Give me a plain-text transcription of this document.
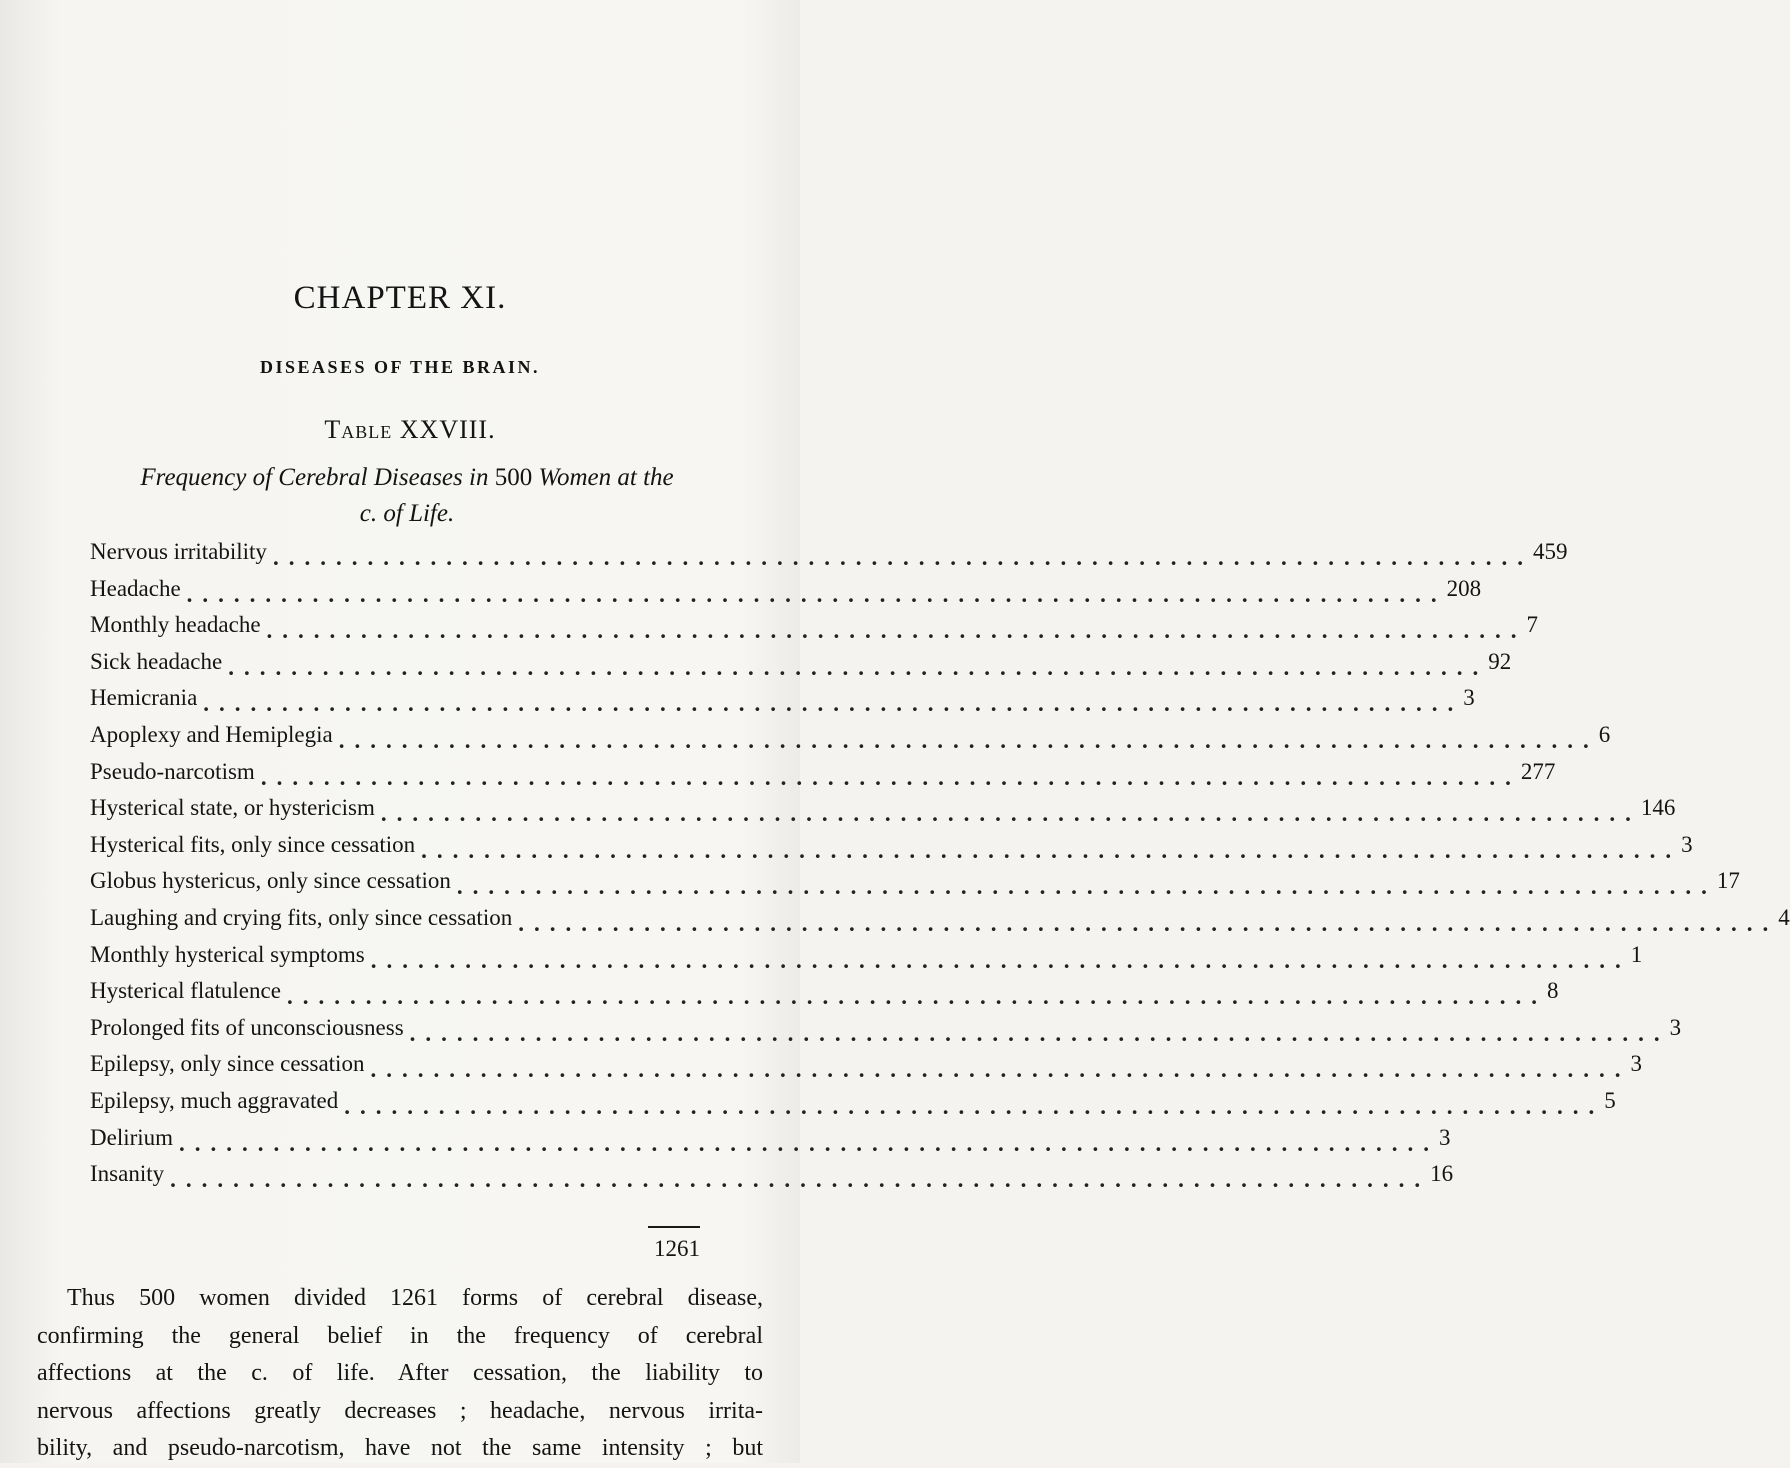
CHAPTER XI.
DISEASES OF THE BRAIN.
Table XXVIII.
Frequency of Cerebral Diseases in 500 Women at the
c. of Life.
Nervous irritability ................................................................................ 459
Headache ................................................................................ 208
Monthly headache ................................................................................ 7
Sick headache ................................................................................ 92
Hemicrania ................................................................................ 3
Apoplexy and Hemiplegia ................................................................................ 6
Pseudo-narcotism ................................................................................ 277
Hysterical state, or hystericism ................................................................................ 146
Hysterical fits, only since cessation ................................................................................ 3
Globus hystericus, only since cessation ................................................................................ 17
Laughing and crying fits, only since cessation ................................................................................ 4
Monthly hysterical symptoms ................................................................................ 1
Hysterical flatulence ................................................................................ 8
Prolonged fits of unconsciousness ................................................................................ 3
Epilepsy, only since cessation ................................................................................ 3
Epilepsy, much aggravated ................................................................................ 5
Delirium ................................................................................ 3
Insanity ................................................................................ 16
1261
Thus 500 women divided 1261 forms of cerebral disease,
confirming the general belief in the frequency of cerebral
affections at the c. of life. After cessation, the liability to
nervous affections greatly decreases ; headache, nervous irrita-
bility, and pseudo-narcotism, have not the same intensity ; but
